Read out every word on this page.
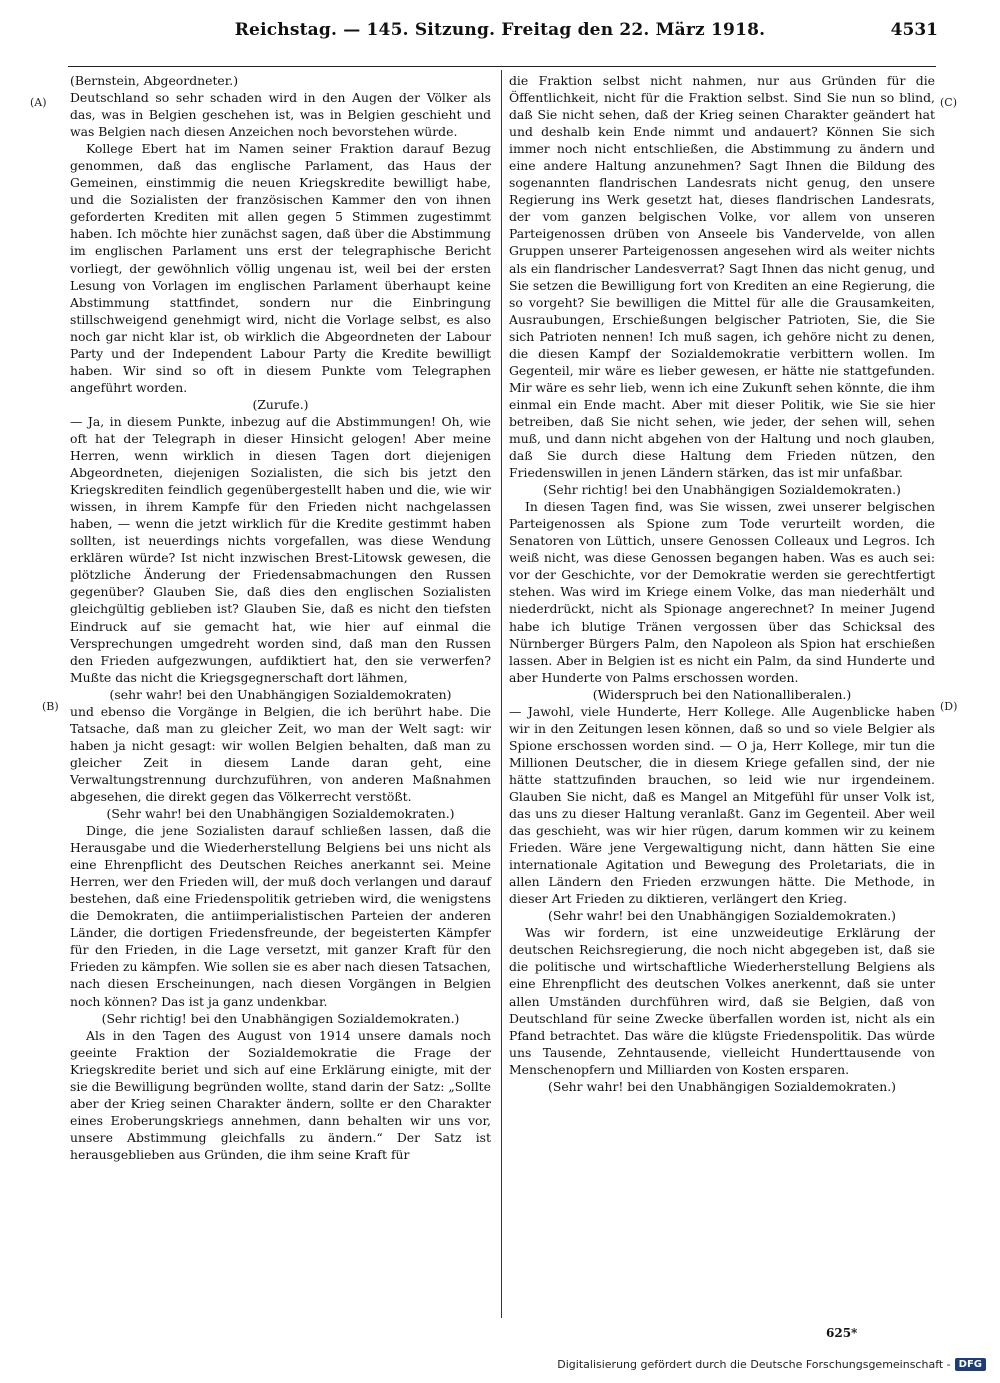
Reichstag. — 145. Sitzung. Freitag den 22. März 1918.	4531
(A)
(B)
(C)
(D)

(Bernstein, Abgeordneter.)

Deutschland so sehr schaden wird in den Augen der Völker als das, was in Belgien geschehen ist, was in Belgien geschieht und was Belgien nach diesen Anzeichen noch bevorstehen würde.

Kollege Ebert hat im Namen seiner Fraktion darauf Bezug genommen, daß das englische Parlament, das Haus der Gemeinen, einstimmig die neuen Kriegskredite bewilligt habe, und die Sozialisten der französischen Kammer den von ihnen geforderten Krediten mit allen gegen 5 Stimmen zugestimmt haben. Ich möchte hier zunächst sagen, daß über die Abstimmung im englischen Parlament uns erst der telegraphische Bericht vorliegt, der gewöhnlich völlig ungenau ist, weil bei der ersten Lesung von Vorlagen im englischen Parlament überhaupt keine Abstimmung stattfindet, sondern nur die Einbringung stillschweigend genehmigt wird, nicht die Vorlage selbst, es also noch gar nicht klar ist, ob wirklich die Abgeordneten der Labour Party und der Independent Labour Party die Kredite bewilligt haben. Wir sind so oft in diesem Punkte vom Telegraphen angeführt worden.

(Zurufe.)

— Ja, in diesem Punkte, inbezug auf die Abstimmungen! Oh, wie oft hat der Telegraph in dieser Hinsicht gelogen! Aber meine Herren, wenn wirklich in diesen Tagen dort diejenigen Abgeordneten, diejenigen Sozialisten, die sich bis jetzt den Kriegskrediten feindlich gegenübergestellt haben und die, wie wir wissen, in ihrem Kampfe für den Frieden nicht nachgelassen haben, — wenn die jetzt wirklich für die Kredite gestimmt haben sollten, ist neuerdings nichts vorgefallen, was diese Wendung erklären würde? Ist nicht inzwischen Brest-Litowsk gewesen, die plötzliche Änderung der Friedensabmachungen den Russen gegenüber? Glauben Sie, daß dies den englischen Sozialisten gleichgültig geblieben ist? Glauben Sie, daß es nicht den tiefsten Eindruck auf sie gemacht hat, wie hier auf einmal die Versprechungen umgedreht worden sind, daß man den Russen den Frieden aufgezwungen, aufdiktiert hat, den sie verwerfen? Mußte das nicht die Kriegsgegnerschaft dort lähmen,

(sehr wahr! bei den Unabhängigen Sozialdemokraten)

und ebenso die Vorgänge in Belgien, die ich berührt habe. Die Tatsache, daß man zu gleicher Zeit, wo man der Welt sagt: wir haben ja nicht gesagt: wir wollen Belgien behalten, daß man zu gleicher Zeit in diesem Lande daran geht, eine Verwaltungstrennung durchzuführen, von anderen Maßnahmen abgesehen, die direkt gegen das Völkerrecht verstößt.

(Sehr wahr! bei den Unabhängigen Sozialdemokraten.)

Dinge, die jene Sozialisten darauf schließen lassen, daß die Herausgabe und die Wiederherstellung Belgiens bei uns nicht als eine Ehrenpflicht des Deutschen Reiches anerkannt sei. Meine Herren, wer den Frieden will, der muß doch verlangen und darauf bestehen, daß eine Friedenspolitik getrieben wird, die wenigstens die Demokraten, die antiimperialistischen Parteien der anderen Länder, die dortigen Friedensfreunde, der begeisterten Kämpfer für den Frieden, in die Lage versetzt, mit ganzer Kraft für den Frieden zu kämpfen. Wie sollen sie es aber nach diesen Tatsachen, nach diesen Erscheinungen, nach diesen Vorgängen in Belgien noch können? Das ist ja ganz undenkbar.

(Sehr richtig! bei den Unabhängigen Sozialdemokraten.)

Als in den Tagen des August von 1914 unsere damals noch geeinte Fraktion der Sozialdemokratie die Frage der Kriegskredite beriet und sich auf eine Erklärung einigte, mit der sie die Bewilligung begründen wollte, stand darin der Satz: „Sollte aber der Krieg seinen Charakter ändern, sollte er den Charakter eines Eroberungskriegs annehmen, dann behalten wir uns vor, unsere Abstimmung gleichfalls zu ändern.“ Der Satz ist herausgeblieben aus Gründen, die ihm seine Kraft für

die Fraktion selbst nicht nahmen, nur aus Gründen für die Öffentlichkeit, nicht für die Fraktion selbst. Sind Sie nun so blind, daß Sie nicht sehen, daß der Krieg seinen Charakter geändert hat und deshalb kein Ende nimmt und andauert? Können Sie sich immer noch nicht entschließen, die Abstimmung zu ändern und eine andere Haltung anzunehmen? Sagt Ihnen die Bildung des sogenannten flandrischen Landesrats nicht genug, den unsere Regierung ins Werk gesetzt hat, dieses flandrischen Landesrats, der vom ganzen belgischen Volke, vor allem von unseren Parteigenossen drüben von Anseele bis Vandervelde, von allen Gruppen unserer Parteigenossen angesehen wird als weiter nichts als ein flandrischer Landesverrat? Sagt Ihnen das nicht genug, und Sie setzen die Bewilligung fort von Krediten an eine Regierung, die so vorgeht? Sie bewilligen die Mittel für alle die Grausamkeiten, Ausraubungen, Erschießungen belgischer Patrioten, Sie, die Sie sich Patrioten nennen! Ich muß sagen, ich gehöre nicht zu denen, die diesen Kampf der Sozialdemokratie verbittern wollen. Im Gegenteil, mir wäre es lieber gewesen, er hätte nie stattgefunden. Mir wäre es sehr lieb, wenn ich eine Zukunft sehen könnte, die ihm einmal ein Ende macht. Aber mit dieser Politik, wie Sie sie hier betreiben, daß Sie nicht sehen, wie jeder, der sehen will, sehen muß, und dann nicht abgehen von der Haltung und noch glauben, daß Sie durch diese Haltung dem Frieden nützen, den Friedenswillen in jenen Ländern stärken, das ist mir unfaßbar.

(Sehr richtig! bei den Unabhängigen Sozialdemokraten.)

In diesen Tagen find, was Sie wissen, zwei unserer belgischen Parteigenossen als Spione zum Tode verurteilt worden, die Senatoren von Lüttich, unsere Genossen Colleaux und Legros. Ich weiß nicht, was diese Genossen begangen haben. Was es auch sei: vor der Geschichte, vor der Demokratie werden sie gerechtfertigt stehen. Was wird im Kriege einem Volke, das man niederhält und niederdrückt, nicht als Spionage angerechnet? In meiner Jugend habe ich blutige Tränen vergossen über das Schicksal des Nürnberger Bürgers Palm, den Napoleon als Spion hat erschießen lassen. Aber in Belgien ist es nicht ein Palm, da sind Hunderte und aber Hunderte von Palms erschossen worden.

(Widerspruch bei den Nationalliberalen.)

— Jawohl, viele Hunderte, Herr Kollege. Alle Augenblicke haben wir in den Zeitungen lesen können, daß so und so viele Belgier als Spione erschossen worden sind. — O ja, Herr Kollege, mir tun die Millionen Deutscher, die in diesem Kriege gefallen sind, der nie hätte stattzufinden brauchen, so leid wie nur irgendeinem. Glauben Sie nicht, daß es Mangel an Mitgefühl für unser Volk ist, das uns zu dieser Haltung veranlaßt. Ganz im Gegenteil. Aber weil das geschieht, was wir hier rügen, darum kommen wir zu keinem Frieden. Wäre jene Vergewaltigung nicht, dann hätten Sie eine internationale Agitation und Bewegung des Proletariats, die in allen Ländern den Frieden erzwungen hätte. Die Methode, in dieser Art Frieden zu diktieren, verlängert den Krieg.

(Sehr wahr! bei den Unabhängigen Sozialdemokraten.)

Was wir fordern, ist eine unzweideutige Erklärung der deutschen Reichsregierung, die noch nicht abgegeben ist, daß sie die politische und wirtschaftliche Wiederherstellung Belgiens als eine Ehrenpflicht des deutschen Volkes anerkennt, daß sie unter allen Umständen durchführen wird, daß sie Belgien, daß von Deutschland für seine Zwecke überfallen worden ist, nicht als ein Pfand betrachtet. Das wäre die klügste Friedenspolitik. Das würde uns Tausende, Zehntausende, vielleicht Hunderttausende von Menschenopfern und Milliarden von Kosten ersparen.

(Sehr wahr! bei den Unabhängigen Sozialdemokraten.)

625*
Digitalisierung gefördert durch die Deutsche Forschungsgemeinschaft - DFG
